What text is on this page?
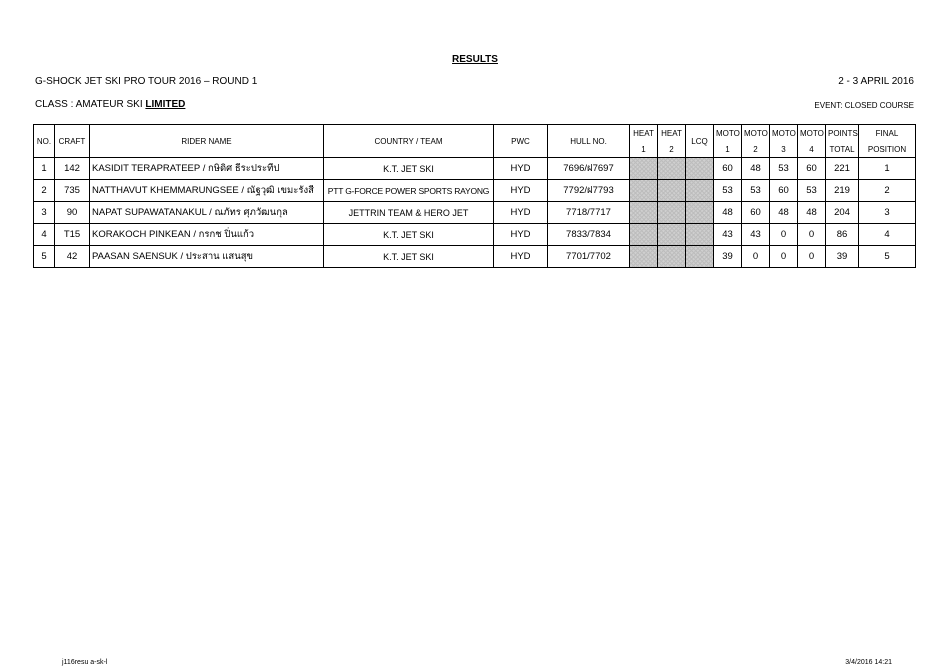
RESULTS
G-SHOCK JET SKI PRO TOUR 2016 – ROUND 1	2 - 3 APRIL 2016
CLASS : AMATEUR SKI LIMITED	EVENT: CLOSED COURSE
NO.	CRAFT	RIDER NAME	COUNTRY / TEAM	PWC	HULL NO.	HEAT	HEAT	LCQ	MOTO	MOTO	MOTO	MOTO	POINTS	FINAL
						1	2		1	2	3	4	TOTAL	POSITION
1	142	KASIDIT TERAPRATEEP / กษิดิศ ธีระประทีป	K.T. JET SKI	HYD	7696/ฝ7697				60	48	53	60	221	1
2	735	NATTHAVUT KHEMMARUNGSEE / ณัฐวุฒิ เขมะรังสี	PTT G-FORCE POWER SPORTS RAYONG	HYD	7792/ฝ7793				53	53	60	53	219	2
3	90	NAPAT SUPAWATANAKUL / ณภัทร ศุภวัฒนกุล	JETTRIN TEAM & HERO JET	HYD	7718/7717				48	60	48	48	204	3
4	T15	KORAKOCH PINKEAN / กรกช ปิ่นแก้ว	K.T. JET SKI	HYD	7833/7834				43	43	0	0	86	4
5	42	PAASAN SAENSUK / ประสาน แสนสุข	K.T. JET SKI	HYD	7701/7702				39	0	0	0	39	5
j116resu a-sk-l	3/4/2016 14:21
